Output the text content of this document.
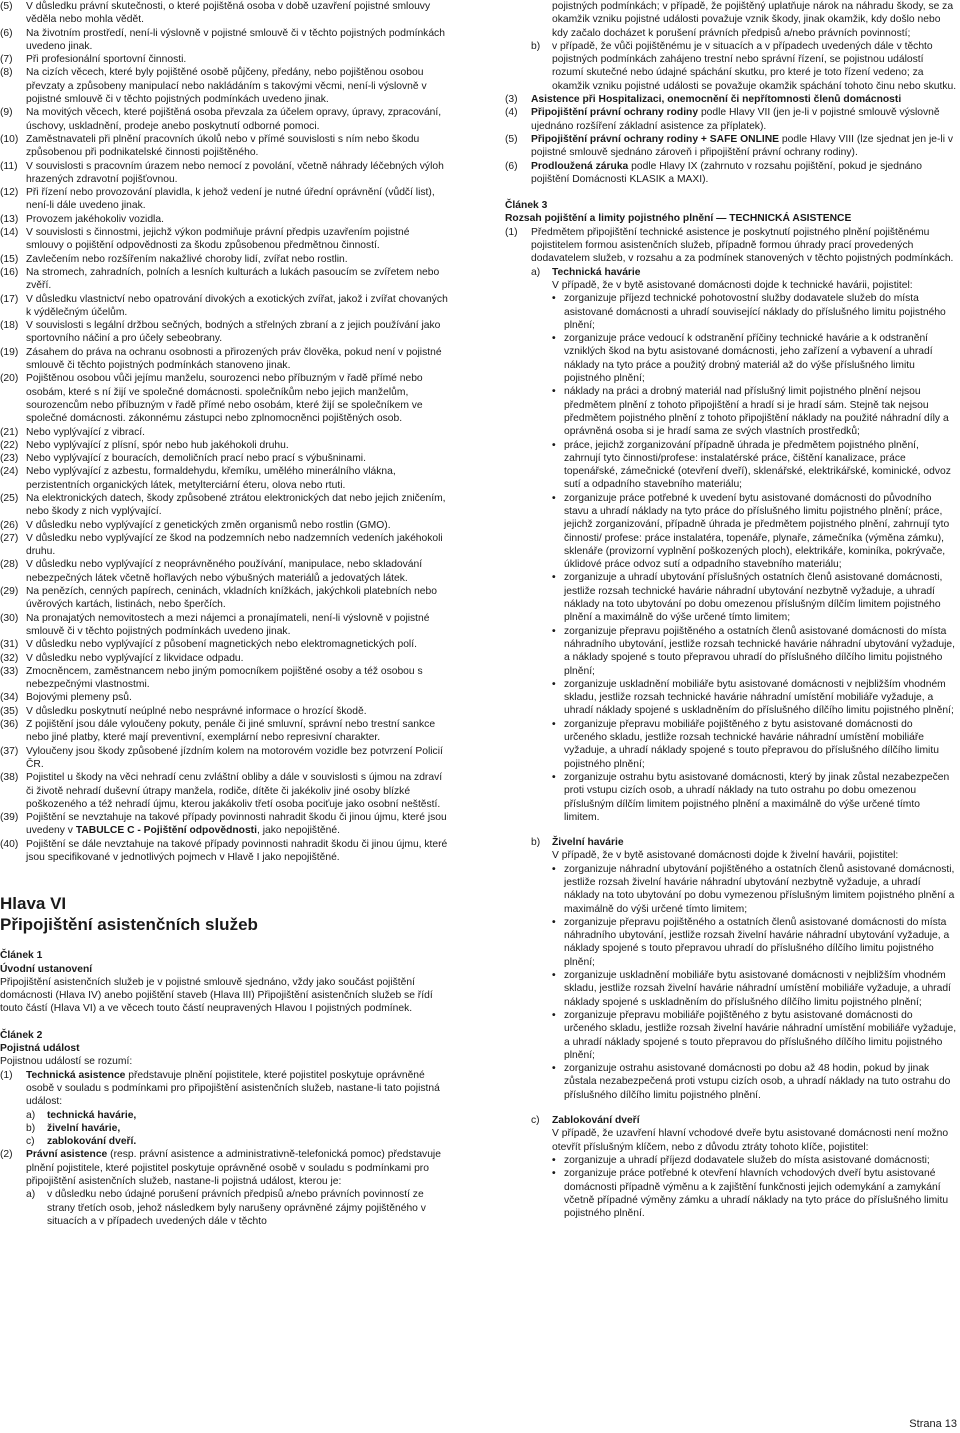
(5)	V důsledku právní skutečnosti, o které pojištěná osoba v době uzavření pojistné smlouvy věděla nebo mohla vědět.
(6)	Na životním prostředí, není-li výslovně v pojistné smlouvě či v těchto pojistných podmínkách uvedeno jinak.
(7)	Při profesionální sportovní činnosti.
(8)	Na cizích věcech, které byly pojištěné osobě půjčeny, předány, nebo pojištěnou osobou převzaty a způsobeny manipulací nebo nakládáním s takovými věcmi, není-li výslovně v pojistné smlouvě či v těchto pojistných podmínkách uvedeno jinak.
(9)	Na movitých věcech, které pojištěná osoba převzala za účelem opravy, úpravy, zpracování, úschovy, uskladnění, prodeje anebo poskytnutí odborné pomoci.
(10) Zaměstnavateli při plnění pracovních úkolů nebo v přímé souvislosti s ním nebo škodu způsobenou při podnikatelské činnosti pojištěného.
(11) V souvislosti s pracovním úrazem nebo nemocí z povolání, včetně náhrady léčebných výloh hrazených zdravotní pojišťovnou.
(12) Při řízení nebo provozování plavidla, k jehož vedení je nutné úřední oprávnění (vůdčí list), není-li dále uvedeno jinak.
(13) Provozem jakéhokoliv vozidla.
(14) V souvislosti s činnostmi, jejichž výkon podmiňuje právní předpis uzavřením pojistné smlouvy o pojištění odpovědnosti za škodu způsobenou předmětnou činností.
(15) Zavlečením nebo rozšířením nakažlivé choroby lidí, zvířat nebo rostlin.
(16) Na stromech, zahradních, polních a lesních kulturách a lukách pasoucím se zvířetem nebo zvěří.
(17) V důsledku vlastnictví nebo opatrování divokých a exotických zvířat, jakož i zvířat chovaných k výdělečným účelům.
(18) V souvislosti s legální držbou sečných, bodných a střelných zbraní a z jejich používání jako sportovního náčiní a pro účely sebeobrany.
(19) Zásahem do práva na ochranu osobnosti a přirozených práv člověka, pokud není v pojistné smlouvě či těchto pojistných podmínkách stanoveno jinak.
(20) Pojištěnou osobou vůči jejímu manželu, sourozenci nebo příbuzným v řadě přímé nebo osobám, které s ní žijí ve společné domácnosti. společníkům nebo jejich manželům, sourozencům nebo příbuzným v řadě přímé nebo osobám, které žijí se společníkem ve společné domácnosti. zákonnému zástupci nebo zplnomocněnci pojištěných osob.
(21) Nebo vyplývající z vibrací.
(22) Nebo vyplývající z plísní, spór nebo hub jakéhokoli druhu.
(23) Nebo vyplývající z bouracích, demoličních prací nebo prací s výbušninami.
(24) Nebo vyplývající z azbestu, formaldehydu, křemíku, umělého minerálního vlákna, perzistentních organických látek, metylterciární éteru, olova nebo rtuti.
(25) Na elektronických datech, škody způsobené ztrátou elektronických dat nebo jejich zničením, nebo škody z nich vyplývající.
(26) V důsledku nebo vyplývající z genetických změn organismů nebo rostlin (GMO).
(27) V důsledku nebo vyplývající ze škod na podzemních nebo nadzemních vedeních jakéhokoli druhu.
(28) V důsledku nebo vyplývající z neoprávněného používání, manipulace, nebo skladování nebezpečných látek včetně hořlavých nebo výbušných materiálů a jedovatých látek.
(29) Na penězích, cenných papírech, ceninách, vkladních knížkách, jakýchkoli platebních nebo úvěrových kartách, listinách, nebo šperčích.
(30) Na pronajatých nemovitostech a mezi nájemci a pronajímateli, není-li výslovně v pojistné smlouvě či v těchto pojistných podmínkách uvedeno jinak.
(31) V důsledku nebo vyplývající z působení magnetických nebo elektromagnetických polí.
(32) V důsledku nebo vyplývající z likvidace odpadu.
(33) Zmocněncem, zaměstnancem nebo jiným pomocníkem pojištěné osoby a též osobou s nebezpečnými vlastnostmi.
(34) Bojovými plemeny psů.
(35) V důsledku poskytnutí neúplné nebo nesprávné informace o hrozící škodě.
(36) Z pojištění jsou dále vyloučeny pokuty, penále či jiné smluvní, správní nebo trestní sankce nebo jiné platby, které mají preventivní, exemplární nebo represivní charakter.
(37) Vyloučeny jsou škody způsobené jízdním kolem na motorovém vozidle bez potvrzení Policií ČR.
(38) Pojistitel u škody na věci nehradí cenu zvláštní obliby a dále v souvislosti s újmou na zdraví či životě nehradí duševní útrapy manžela, rodiče, dítěte či jakékoliv jiné osoby blízké poškozeného a též nehradí újmu, kterou jakákoliv třetí osoba pociťuje jako osobní neštěstí.
(39) Pojištění se nevztahuje na takové případy povinnosti nahradit škodu či jinou újmu, které jsou uvedeny v TABULCE C - Pojištění odpovědnosti, jako nepojištěné.
(40) Pojištění se dále nevztahuje na takové případy povinnosti nahradit škodu či jinou újmu, které jsou specifikované v jednotlivých pojmech v Hlavě I jako nepojištěné.
Hlava VI
Připojištění asistenčních služeb
Článek 1
Úvodní ustanovení
Připojištění asistenčních služeb je v pojistné smlouvě sjednáno, vždy jako součást pojištění domácnosti (Hlava IV) anebo pojištění staveb (Hlava III) Připojištění asistenčních služeb se řídí touto částí (Hlava VI) a ve věcech touto částí neupravených Hlavou I pojistných podmínek.
Článek 2
Pojistná událost
Pojistnou událostí se rozumí:
(1)	Technická asistence představuje plnění pojistitele, které pojistitel poskytuje oprávněné osobě v souladu s podmínkami pro připojištění asistenčních služeb, nastane-li tato pojistná událost:
a)	technická havárie,
b)	živelní havárie,
c)	zablokování dveří.
(2)	Právní asistence (resp. právní asistence a administrativně-telefonická pomoc) představuje plnění pojistitele, které pojistitel poskytuje oprávněné osobě v souladu s podmínkami pro připojištění asistenčních služeb, nastane-li pojistná událost, kterou je:
a)	v důsledku nebo údajné porušení právních předpisů a/nebo právních povinností ze strany třetích osob, jehož následkem byly narušeny oprávněné zájmy pojištěného v situacích a v případech uvedených dále v těchto
pojistných podmínkách; v případě, že pojištěný uplatňuje nárok na náhradu škody, se za okamžik vzniku pojistné události považuje vznik škody, jinak okamžik, kdy došlo nebo kdy začalo docházet k porušení právních předpisů a/nebo právních povinností;
b)	v případě, že vůči pojištěnému je v situacích a v případech uvedených dále v těchto pojistných podmínkách zahájeno trestní nebo správní řízení, se pojistnou událostí rozumí skutečné nebo údajné spáchání skutku, pro které je toto řízení vedeno; za okamžik vzniku pojistné události se považuje okamžik spáchání tohoto činu nebo skutku.
(3)	Asistence při Hospitalizaci, onemocnění či nepřítomnosti členů domácnosti
(4)	Připojištění právní ochrany rodiny podle Hlavy VII (jen je-li v pojistné smlouvě výslovně ujednáno rozšíření základní asistence za příplatek).
(5)	Připojištění právní ochrany rodiny + SAFE ONLINE podle Hlavy VIII (lze sjednat jen je-li v pojistné smlouvě sjednáno zároveň i připojištění právní ochrany rodiny).
(6)	Prodloužená záruka podle Hlavy IX (zahrnuto v rozsahu pojištění, pokud je sjednáno pojištění Domácnosti KLASIK a MAXI).
Článek 3
Rozsah pojištění a limity pojistného plnění — TECHNICKÁ ASISTENCE
(1)	Předmětem připojištění technické asistence je poskytnutí pojistného plnění pojištěnému pojistitelem formou asistenčních služeb, případně formou úhrady prací provedených dodavatelem služeb, v rozsahu a za podmínek stanovených v těchto pojistných podmínkách.
a)	Technická havárie
V případě, že v bytě asistované domácnosti dojde k technické havárii, pojistitel:
• zorganizuje příjezd technické pohotovostní služby dodavatele služeb do místa asistované domácnosti a uhradí související náklady do příslušného limitu pojistného plnění;
• zorganizuje práce vedoucí k odstranění příčiny technické havárie a k odstranění vzniklých škod na bytu asistované domácnosti, jeho zařízení a vybavení a uhradí náklady na tyto práce a použitý drobný materiál až do výše příslušného limitu pojistného plnění;
• náklady na práci a drobný materiál nad příslušný limit pojistného plnění nejsou předmětem plnění z tohoto připojištění a hradí si je hradí sám. Stejně tak nejsou předmětem pojistného plnění z tohoto připojištění náklady na použité náhradní díly a oprávněná osoba si je hradí sama ze svých vlastních prostředků;
• práce, jejichž zorganizování případně úhrada je předmětem pojistného plnění, zahrnují tyto činnosti/profese: instalatérské práce, čištění kanalizace, práce topenářské, zámečnické (otevření dveří), sklenářské, elektrikářské, kominické, odvoz sutí a odpadního stavebního materiálu;
• zorganizuje práce potřebné k uvedení bytu asistované domácnosti do původního stavu a uhradí náklady na tyto práce do příslušného limitu pojistného plnění; práce, jejichž zorganizování, případně úhrada je předmětem pojistného plnění, zahrnují tyto činnosti/ profese: práce instalatéra, topenáře, plynaře, zámečníka (výměna zámku), sklenáře (provizorní vyplnění poškozených ploch), elektrikáře, kominíka, pokrývače, úklidové práce odvoz sutí a odpadního stavebního materiálu;
• zorganizuje a uhradí ubytování příslušných ostatních členů asistované domácnosti, jestliže rozsah technické havárie náhradní ubytování nezbytně vyžaduje, a uhradí náklady na toto ubytování po dobu omezenou příslušným dílčím limitem pojistného plnění a maximálně do výše určené tímto limitem;
• zorganizuje přepravu pojištěného a ostatních členů asistované domácnosti do místa náhradního ubytování, jestliže rozsah technické havárie náhradní ubytování vyžaduje, a náklady spojené s touto přepravou uhradí do příslušného dílčího limitu pojistného plnění;
• zorganizuje uskladnění mobiliáře bytu asistované domácnosti v nejbližším vhodném skladu, jestliže rozsah technické havárie náhradní umístění mobiliáře vyžaduje, a uhradí náklady spojené s uskladněním do příslušného dílčího limitu pojistného plnění;
• zorganizuje přepravu mobiliáře pojištěného z bytu asistované domácnosti do určeného skladu, jestliže rozsah technické havárie náhradní umístění mobiliáře vyžaduje, a uhradí náklady spojené s touto přepravou do příslušného dílčího limitu pojistného plnění;
• zorganizuje ostrahu bytu asistované domácnosti, který by jinak zůstal nezabezpečen proti vstupu cizích osob, a uhradí náklady na tuto ostrahu po dobu omezenou příslušným dílčím limitem pojistného plnění a maximálně do výše určené tímto limitem.
b)	Živelní havárie
V případě, že v bytě asistované domácnosti dojde k živelní havárii, pojistitel:
• zorganizuje náhradní ubytování pojištěného a ostatních členů asistované domácnosti, jestliže rozsah živelní havárie náhradní ubytování nezbytně vyžaduje, a uhradí náklady na toto ubytování po dobu vymezenou příslušným limitem pojistného plnění a maximálně do výši určené tímto limitem;
• zorganizuje přepravu pojištěného a ostatních členů asistované domácnosti do místa náhradního ubytování, jestliže rozsah živelní havárie náhradní ubytování vyžaduje, a náklady spojené s touto přepravou uhradí do příslušného dílčího limitu pojistného plnění;
• zorganizuje uskladnění mobiliáře bytu asistované domácnosti v nejbližším vhodném skladu, jestliže rozsah živelní havárie náhradní umístění mobiliáře vyžaduje, a uhradí náklady spojené s uskladněním do příslušného dílčího limitu pojistného plnění;
• zorganizuje přepravu mobiliáře pojištěného z bytu asistované domácnosti do určeného skladu, jestliže rozsah živelní havárie náhradní umístění mobiliáře vyžaduje, a uhradí náklady spojené s touto přepravou do příslušného dílčího limitu pojistného plnění;
• zorganizuje ostrahu asistované domácnosti po dobu až 48 hodin, pokud by jinak zůstala nezabezpečená proti vstupu cizích osob, a uhradí náklady na tuto ostrahu do příslušného dílčího limitu pojistného plnění.
c)	Zablokování dveří
V případě, že uzavření hlavní vchodové dveře bytu asistované domácnosti není možno otevřít příslušným klíčem, nebo z důvodu ztráty tohoto klíče, pojistitel:
• zorganizuje a uhradí příjezd dodavatele služeb do místa asistované domácnosti;
• zorganizuje práce potřebné k otevření hlavních vchodových dveří bytu asistované domácnosti případně výměnu a k zajištění funkčnosti jejich odemykání a zamykání včetně případné výměny zámku a uhradí náklady na tyto práce do příslušného limitu pojistného plnění.
Strana 13
